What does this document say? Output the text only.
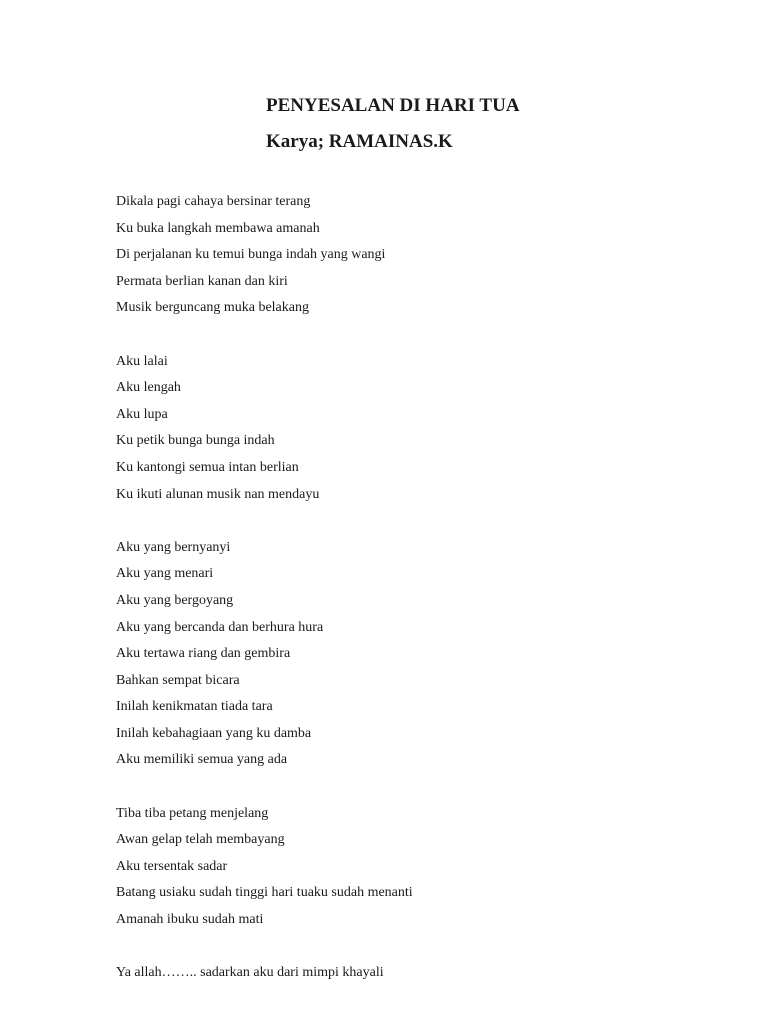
PENYESALAN DI HARI TUA
Karya; RAMAINAS.K
Dikala pagi cahaya bersinar terang
Ku buka langkah membawa amanah
Di perjalanan ku temui bunga indah yang wangi
Permata berlian kanan dan kiri
Musik berguncang muka belakang
Aku lalai
Aku lengah
Aku lupa
Ku petik bunga bunga indah
Ku kantongi semua intan berlian
Ku ikuti alunan musik nan mendayu
Aku yang bernyanyi
Aku yang menari
Aku yang bergoyang
Aku yang bercanda dan berhura hura
Aku tertawa riang dan gembira
Bahkan sempat bicara
Inilah kenikmatan tiada tara
Inilah kebahagiaan yang ku damba
Aku memiliki semua yang ada
Tiba tiba petang menjelang
Awan gelap telah membayang
Aku tersentak sadar
Batang usiaku sudah tinggi hari tuaku sudah menanti
Amanah ibuku sudah mati
Ya allah…….. sadarkan aku dari mimpi khayali
